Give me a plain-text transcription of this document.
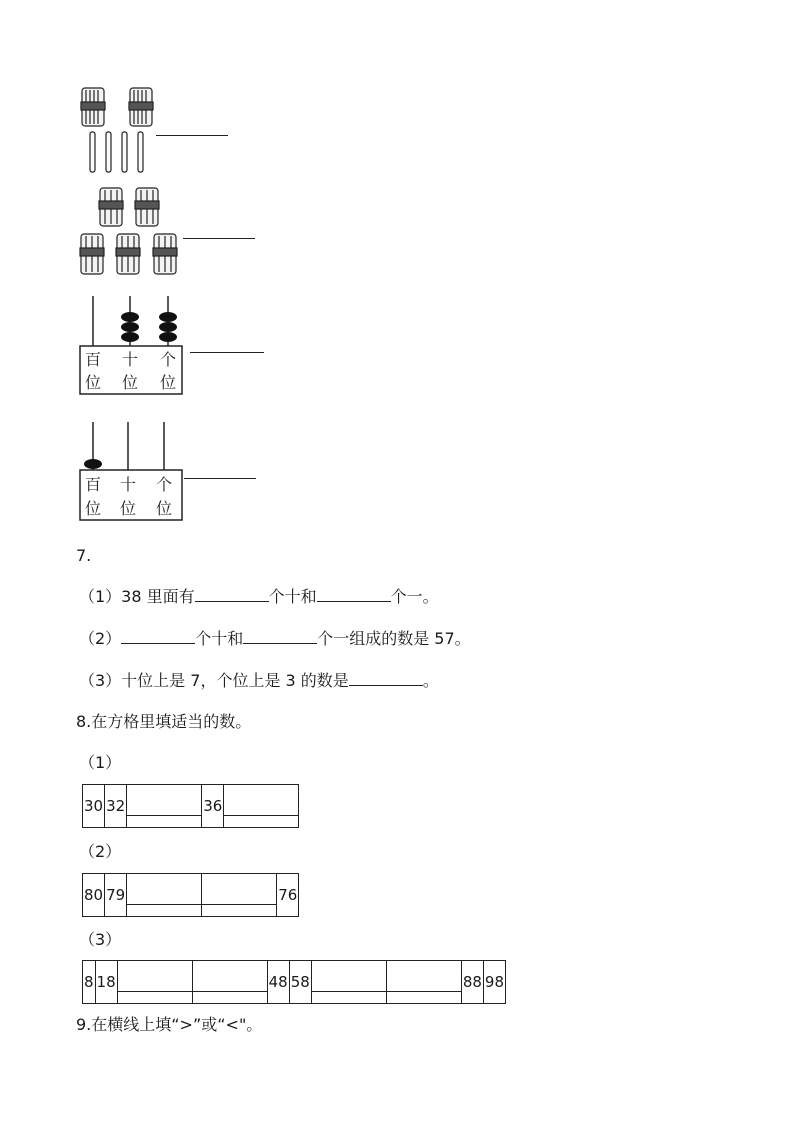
百
位
十
位
个
位
百
位
十
位
个
位
7.
（1）38 里面有	个十和	个一。
（2）	个十和	个一组成的数是 57。
（3）十位上是 7，个位上是 3 的数是	。
8.在方格里填适当的数。
（1）
30	32		36	
（2）
80	79			76
（3）
8	18			48	58			88	98
9.在横线上填“>”或“<"。
